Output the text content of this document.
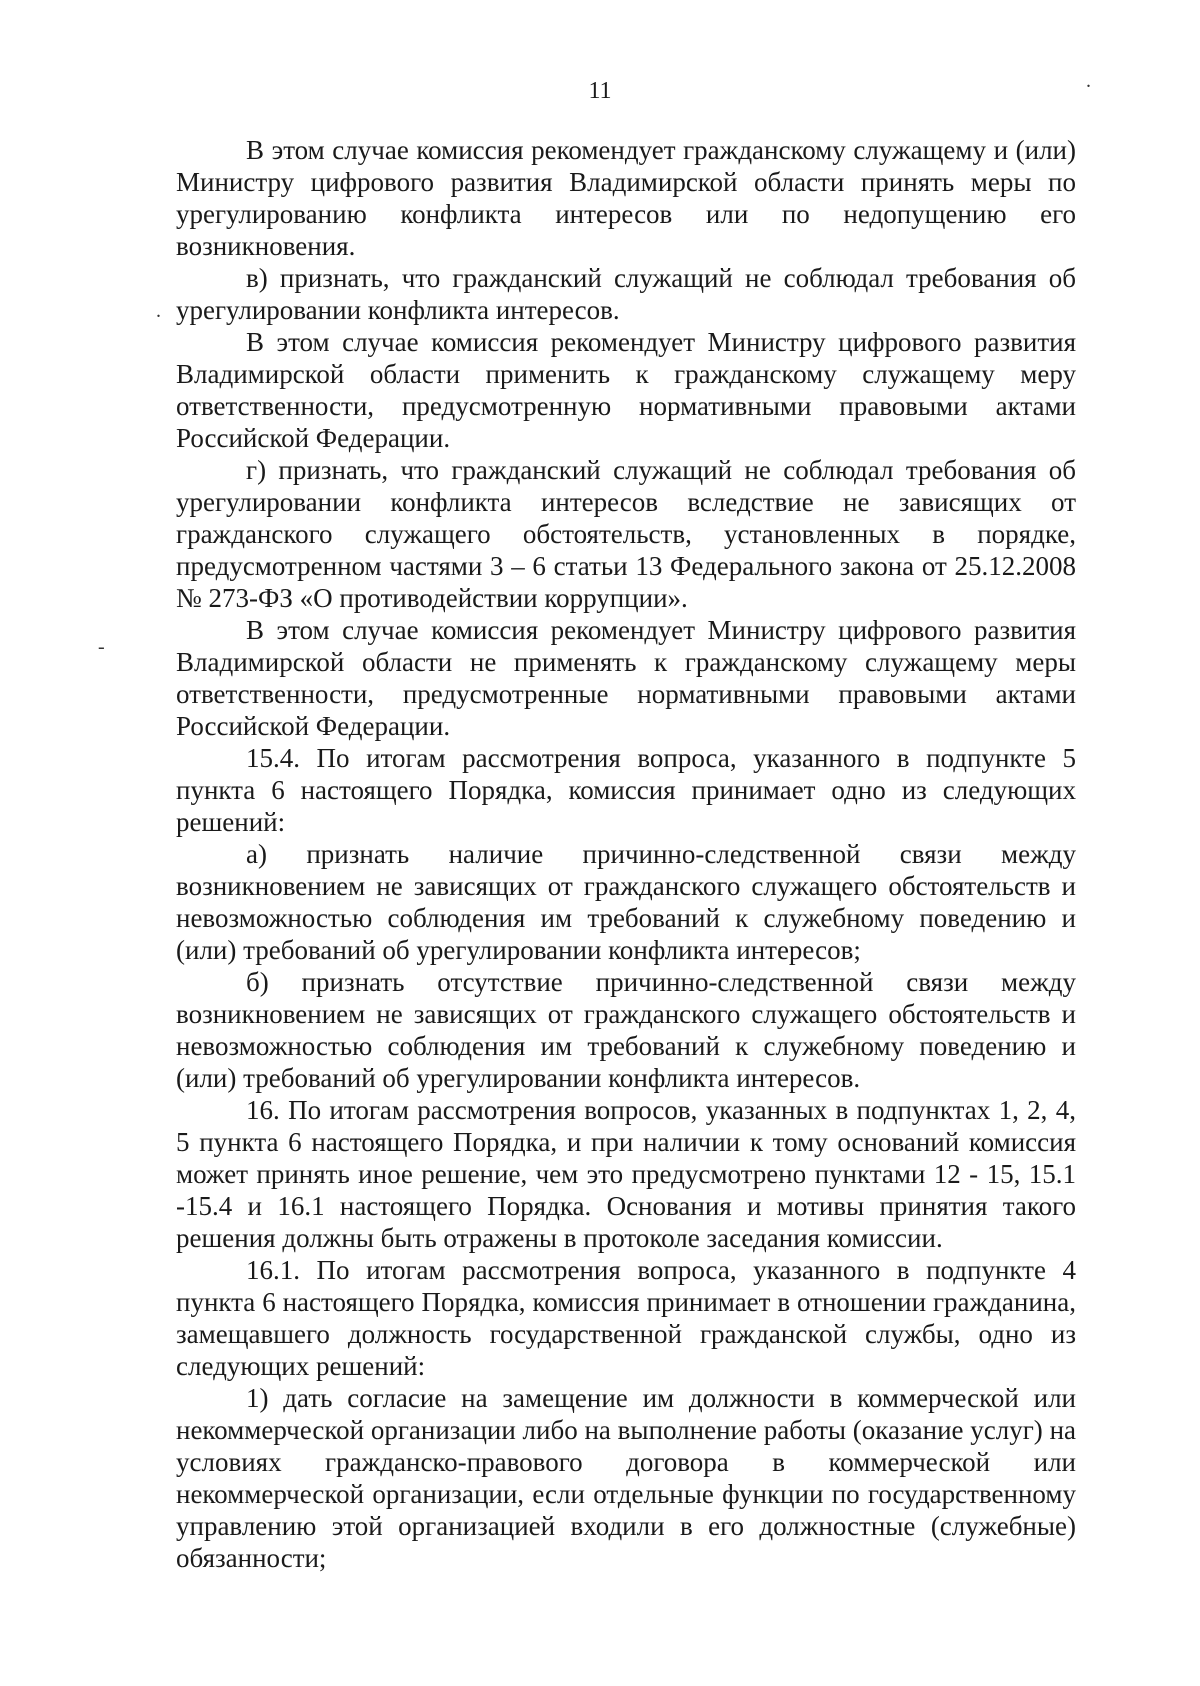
11

В этом случае комиссия рекомендует гражданскому служащему и (или) Министру цифрового развития Владимирской области принять меры по урегулированию конфликта интересов или по недопущению его возникновения.

в) признать, что гражданский служащий не соблюдал требования об урегулировании конфликта интересов.

В этом случае комиссия рекомендует Министру цифрового развития Владимирской области применить к гражданскому служащему меру ответственности, предусмотренную нормативными правовыми актами Российской Федерации.

г) признать, что гражданский служащий не соблюдал требования об урегулировании конфликта интересов вследствие не зависящих от гражданского служащего обстоятельств, установленных в порядке, предусмотренном частями 3 – 6 статьи 13 Федерального закона от 25.12.2008 № 273-ФЗ «О противодействии коррупции».

В этом случае комиссия рекомендует Министру цифрового развития Владимирской области не применять к гражданскому служащему меры ответственности, предусмотренные нормативными правовыми актами Российской Федерации.

15.4. По итогам рассмотрения вопроса, указанного в подпункте 5 пункта 6 настоящего Порядка, комиссия принимает одно из следующих решений:

а) признать наличие причинно-следственной связи между возникновением не зависящих от гражданского служащего обстоятельств и невозможностью соблюдения им требований к служебному поведению и (или) требований об урегулировании конфликта интересов;

б) признать отсутствие причинно-следственной связи между возникновением не зависящих от гражданского служащего обстоятельств и невозможностью соблюдения им требований к служебному поведению и (или) требований об урегулировании конфликта интересов.

16. По итогам рассмотрения вопросов, указанных в подпунктах 1, 2, 4, 5 пункта 6 настоящего Порядка, и при наличии к тому оснований комиссия может принять иное решение, чем это предусмотрено пунктами 12 - 15, 15.1 -15.4 и 16.1 настоящего Порядка. Основания и мотивы принятия такого решения должны быть отражены в протоколе заседания комиссии.

16.1. По итогам рассмотрения вопроса, указанного в подпункте 4 пункта 6 настоящего Порядка, комиссия принимает в отношении гражданина, замещавшего должность государственной гражданской службы, одно из следующих решений:

1) дать согласие на замещение им должности в коммерческой или некоммерческой организации либо на выполнение работы (оказание услуг) на условиях гражданско-правового договора в коммерческой или некоммерческой организации, если отдельные функции по государственному управлению этой организацией входили в его должностные (служебные) обязанности;

.
-
.
